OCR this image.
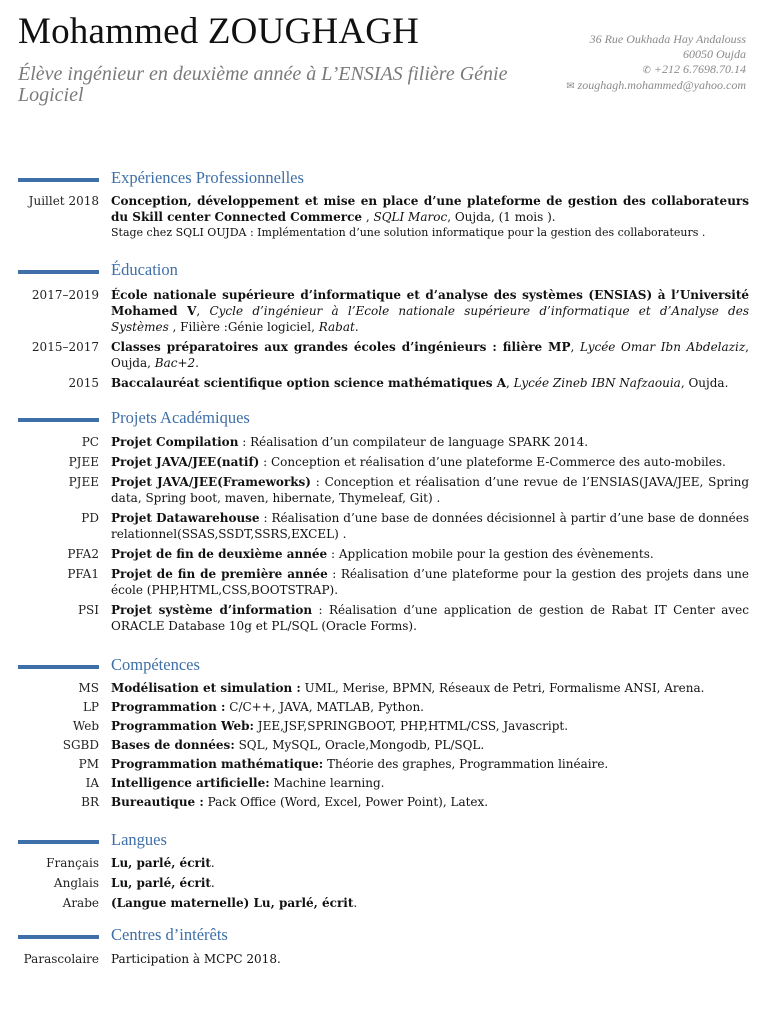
Mohammed ZOUGHAGH
Élève ingénieur en deuxième année à L’ENSIAS filière Génie Logiciel
36 Rue Oukhada Hay Andalouss
60050 Oujda
✆ +212 6.7698.70.14
✉ zoughagh.mohammed@yahoo.com
Expériences Professionnelles
Juillet 2018 Conception, développement et mise en place d’une plateforme de gestion des collaborateurs du Skill center Connected Commerce , SQLI Maroc, Oujda, (1 mois ).
Stage chez SQLI OUJDA : Implémentation d’une solution informatique pour la gestion des collaborateurs .
Éducation
2017–2019 École nationale supérieure d’informatique et d’analyse des systèmes (ENSIAS) à l’Université Mohamed V, Cycle d’ingénieur à l’Ecole nationale supérieure d’informatique et d’Analyse des Systèmes , Filière :Génie logiciel, Rabat.
2015–2017 Classes préparatoires aux grandes écoles d’ingénieurs : filière MP, Lycée Omar Ibn Abdelaziz, Oujda, Bac+2.
2015 Baccalauréat scientifique option science mathématiques A, Lycée Zineb IBN Nafzaouia, Oujda.
Projets Académiques
PC Projet Compilation : Réalisation d’un compilateur de language SPARK 2014.
PJEE Projet JAVA/JEE(natif) : Conception et réalisation d’une plateforme E-Commerce des auto-mobiles.
PJEE Projet JAVA/JEE(Frameworks) : Conception et réalisation d’une revue de l’ENSIAS(JAVA/JEE, Spring data, Spring boot, maven, hibernate, Thymeleaf, Git) .
PD Projet Datawarehouse : Réalisation d’une base de données décisionnel à partir d’une base de données relationnel(SSAS,SSDT,SSRS,EXCEL) .
PFA2 Projet de fin de deuxième année : Application mobile pour la gestion des évènements.
PFA1 Projet de fin de première année : Réalisation d’une plateforme pour la gestion des projets dans une école (PHP,HTML,CSS,BOOTSTRAP).
PSI Projet système d’information : Réalisation d’une application de gestion de Rabat IT Center avec ORACLE Database 10g et PL/SQL (Oracle Forms).
Compétences
MS Modélisation et simulation : UML, Merise, BPMN, Réseaux de Petri, Formalisme ANSI, Arena.
LP Programmation : C/C++, JAVA, MATLAB, Python.
Web Programmation Web: JEE,JSF,SPRINGBOOT, PHP,HTML/CSS, Javascript.
SGBD Bases de données: SQL, MySQL, Oracle,Mongodb, PL/SQL.
PM Programmation mathématique: Théorie des graphes, Programmation linéaire.
IA Intelligence artificielle: Machine learning.
BR Bureautique : Pack Office (Word, Excel, Power Point), Latex.
Langues
Français Lu, parlé, écrit.
Anglais Lu, parlé, écrit.
Arabe (Langue maternelle) Lu, parlé, écrit.
Centres d’intérêts
Parascolaire Participation à MCPC 2018.
